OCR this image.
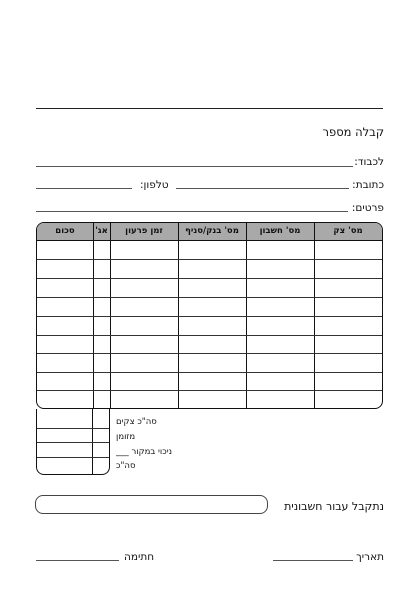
קבלה מספר
לכבוד:
כתובת:
טלפון:
פרטים:
סכום	אג'	זמן פרעון	מס' בנק/סניף	מס' חשבון	מס' צק
סה"כ צקים
מזומן
ניכוי במקור ___
סה"כ
נתקבל עבור חשבונית
תאריך
חתימה
